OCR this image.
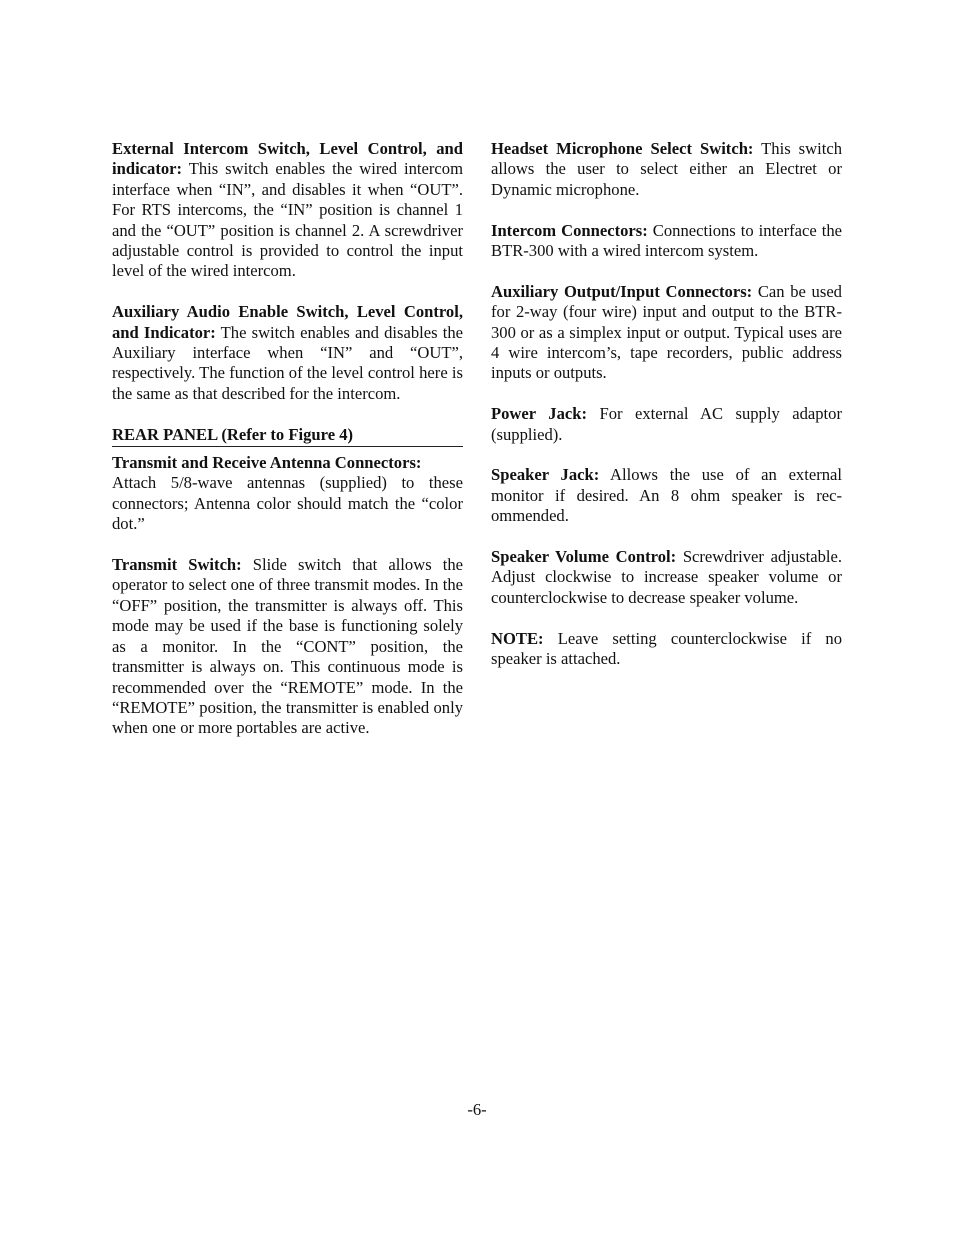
External Intercom Switch, Level Control, and indicator: This switch enables the wired intercom interface when “IN”, and disables it when “OUT”. For RTS intercoms, the “IN” position is channel 1 and the “OUT” position is channel 2. A screwdriver adjustable control is provided to control the input level of the wired intercom.

Auxiliary Audio Enable Switch, Level Control, and Indicator: The switch enables and disables the Auxiliary interface when “IN” and “OUT”, respectively. The function of the level control here is the same as that described for the intercom.

REAR PANEL (Refer to Figure 4)

Transmit and Receive Antenna Connectors:

Attach 5/8-wave antennas (supplied) to these connectors; Antenna color should match the “color dot.”

Transmit Switch: Slide switch that allows the operator to select one of three transmit modes. In the “OFF” position, the transmitter is always off. This mode may be used if the base is functioning solely as a monitor. In the “CONT” position, the transmitter is always on. This continuous mode is recommended over the “REMOTE” mode. In the “REMOTE” position, the transmitter is enabled only when one or more portables are active.

Headset Microphone Select Switch: This switch allows the user to select either an Electret or Dynamic microphone.

Intercom Connectors: Connections to interface the BTR-300 with a wired intercom system.

Auxiliary Output/Input Connectors: Can be used for 2-way (four wire) input and output to the BTR-300 or as a simplex input or output. Typical uses are 4 wire intercom’s, tape recorders, public address inputs or outputs.

Power Jack: For external AC supply adaptor (supplied).

Speaker Jack: Allows the use of an external monitor if desired. An 8 ohm speaker is recommended.

Speaker Volume Control: Screwdriver adjustable. Adjust clockwise to increase speaker volume or counterclockwise to decrease speaker volume.

NOTE: Leave setting counterclockwise if no speaker is attached.

-6-
